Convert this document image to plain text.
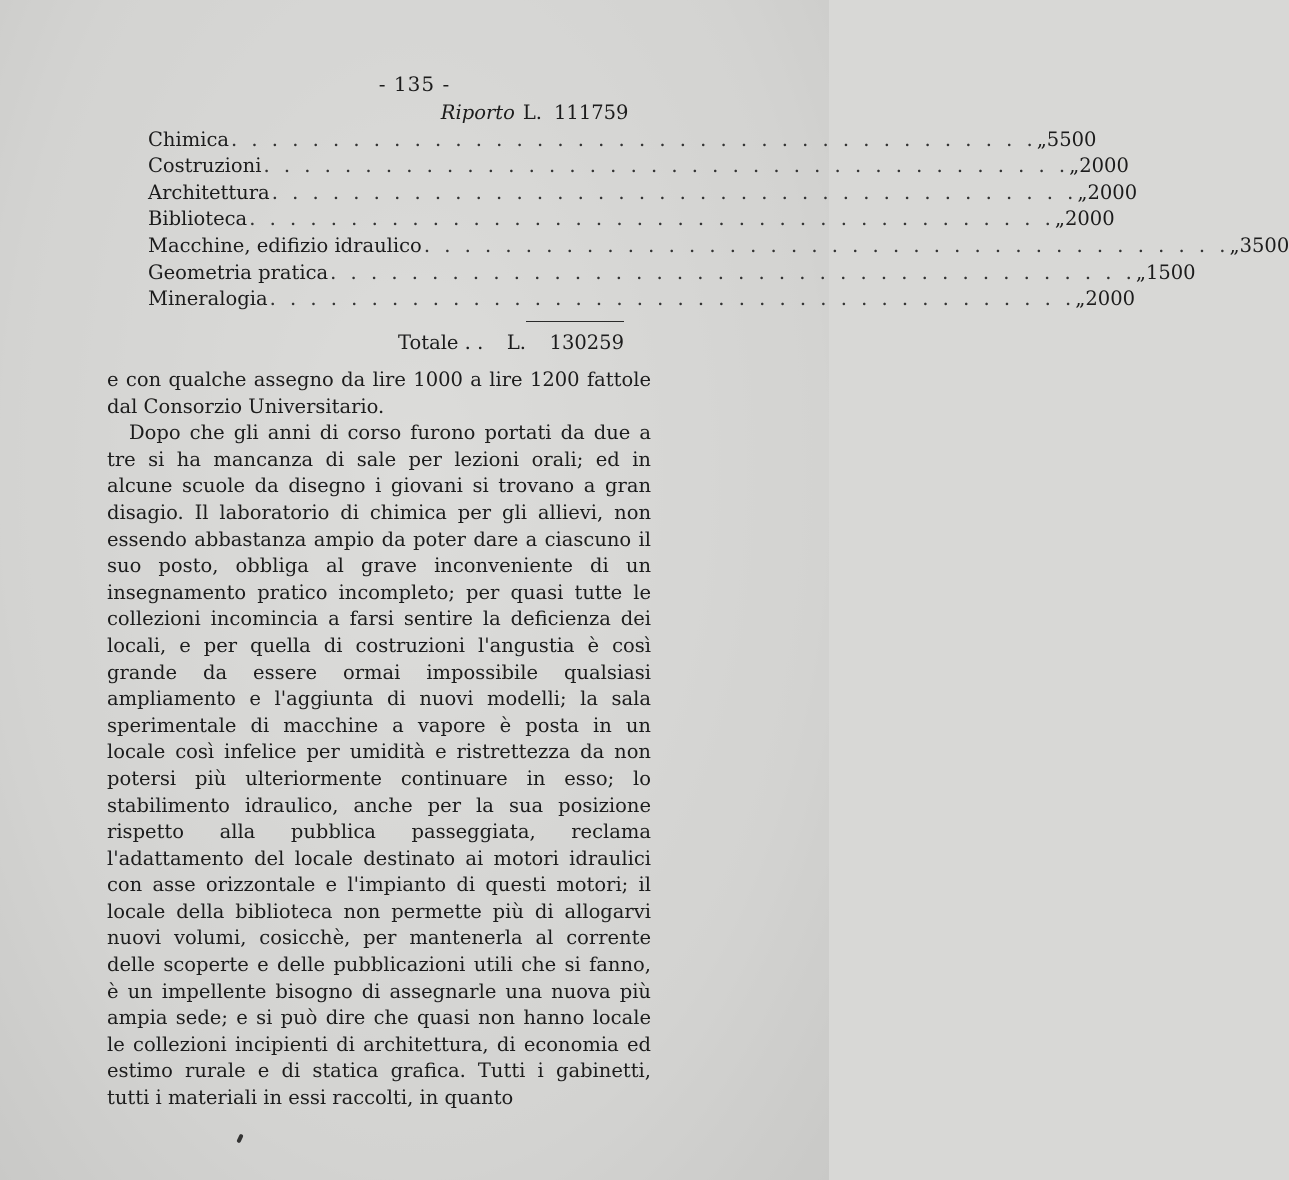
- 135 -
Riporto L. 111759
Chimica . . . . . . . . . . . . . . . . . . . . . . . . . . . . . . . . . . . . . . . . „ 5500
Costruzioni . . . . . . . . . . . . . . . . . . . . . . . . . . . . . . . . . . . . . . . . „ 2000
Architettura . . . . . . . . . . . . . . . . . . . . . . . . . . . . . . . . . . . . . . . . „ 2000
Biblioteca . . . . . . . . . . . . . . . . . . . . . . . . . . . . . . . . . . . . . . . . „ 2000
Macchine, edifizio idraulico . . . . . . . . . . . . . . . . . . . . . . . . . . . . . . . . . . . . . . . . „ 3500
Geometria pratica . . . . . . . . . . . . . . . . . . . . . . . . . . . . . . . . . . . . . . . . „ 1500
Mineralogia . . . . . . . . . . . . . . . . . . . . . . . . . . . . . . . . . . . . . . . . „ 2000
Totale . . L. 130259

e con qualche assegno da lire 1000 a lire 1200 fattole dal Consorzio Universitario.

Dopo che gli anni di corso furono portati da due a tre si ha mancanza di sale per lezioni orali; ed in alcune scuole da disegno i giovani si trovano a gran disagio. Il laboratorio di chimica per gli allievi, non essendo abbastanza ampio da poter dare a ciascuno il suo posto, obbliga al grave inconveniente di un insegnamento pratico incompleto; per quasi tutte le collezioni incomincia a farsi sentire la deficienza dei locali, e per quella di costruzioni l'angustia è così grande da essere ormai impossibile qualsiasi ampliamento e l'aggiunta di nuovi modelli; la sala sperimentale di macchine a vapore è posta in un locale così infelice per umidità e ristrettezza da non potersi più ulteriormente continuare in esso; lo stabilimento idraulico, anche per la sua posizione rispetto alla pubblica passeggiata, reclama l'adattamento del locale destinato ai motori idraulici con asse orizzontale e l'impianto di questi motori; il locale della biblioteca non permette più di allogarvi nuovi volumi, cosicchè, per mantenerla al corrente delle scoperte e delle pubblicazioni utili che si fanno, è un impellente bisogno di assegnarle una nuova più ampia sede; e si può dire che quasi non hanno locale le collezioni incipienti di architettura, di economia ed estimo rurale e di statica grafica. Tutti i gabinetti, tutti i materiali in essi raccolti, in quanto
